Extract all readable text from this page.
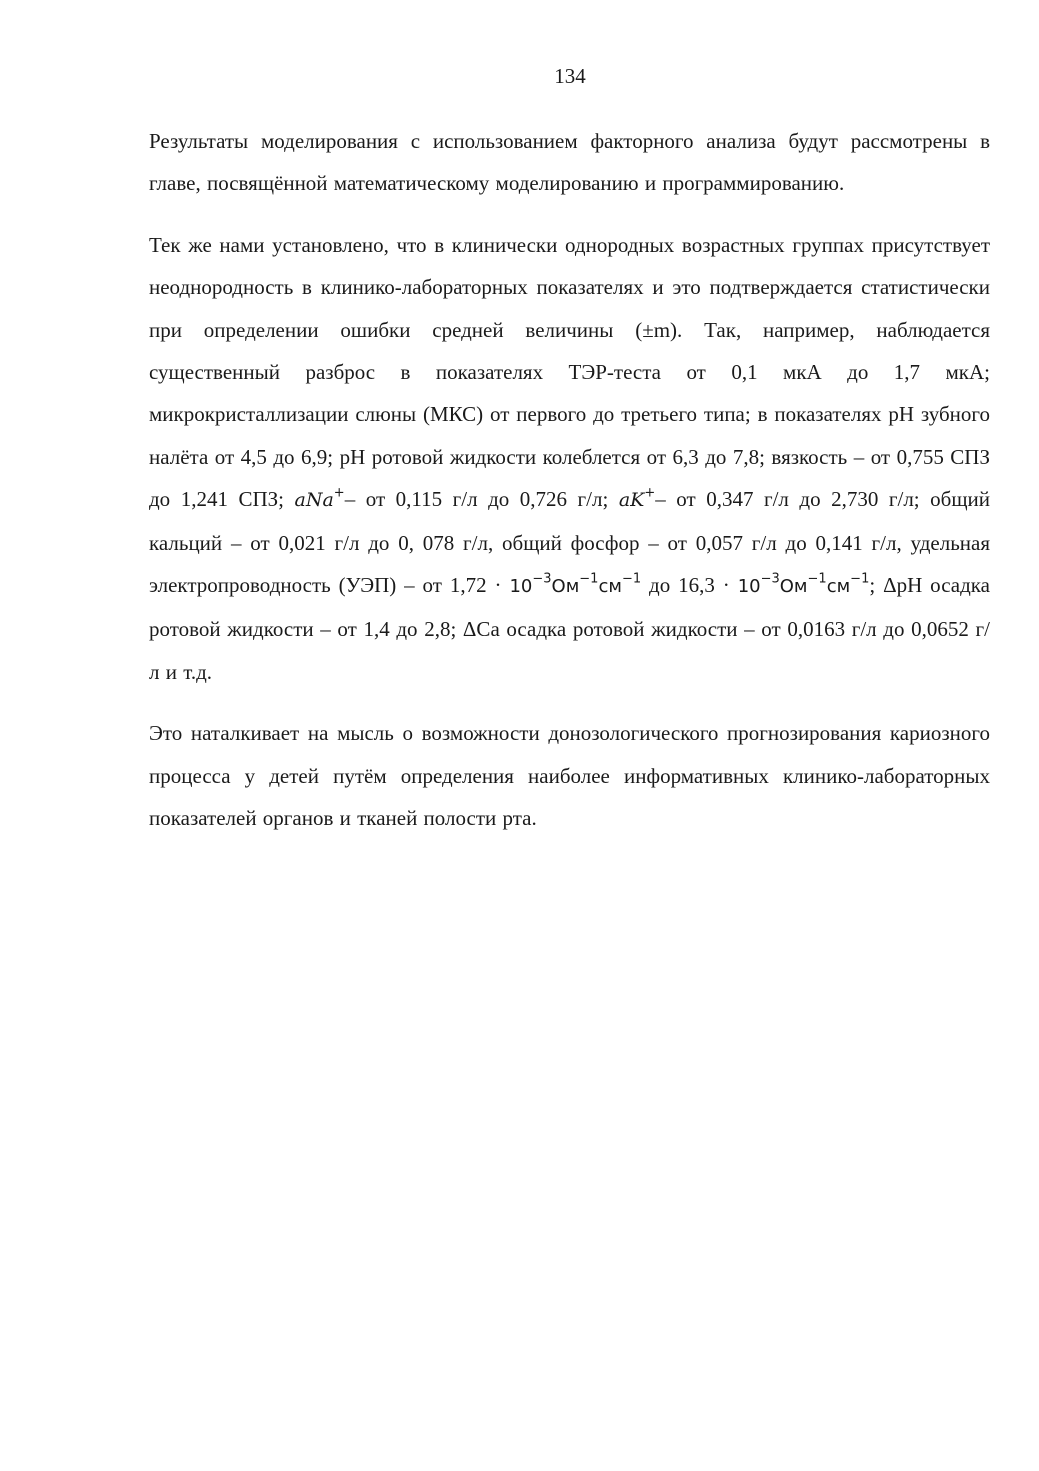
134

Результаты моделирования с использованием факторного анализа будут рассмотрены в главе, посвящённой математическому моделированию и программированию.

Тек же нами установлено, что в клинически однородных возрастных группах присутствует неоднородность в клинико-лабораторных показателях и это подтверждается статистически при определении ошибки средней величины (±m). Так, например, наблюдается существенный разброс в показателях ТЭР-теста от 0,1 мкА до 1,7 мкА; микрокристаллизации слюны (МКС) от первого до третьего типа; в показателях pH зубного налёта от 4,5 до 6,9; pH ротовой жидкости колеблется от 6,3 до 7,8; вязкость – от 0,755 СПЗ до 1,241 СПЗ; aNa+– от 0,115 г/л до 0,726 г/л; aK+– от 0,347 г/л до 2,730 г/л; общий кальций – от 0,021 г/л до 0, 078 г/л, общий фосфор – от 0,057 г/л до 0,141 г/л, удельная электропроводность (УЭП) – от $1,72 \cdot 10^{-3}Ом^{-1}см^{-1}$ до $16,3 \cdot 10^{-3}Ом^{-1}см^{-1}$; ΔpH осадка ротовой жидкости – от 1,4 до 2,8; ΔCa осадка ротовой жидкости – от 0,0163 г/л до 0,0652 г/л и т.д.

Это наталкивает на мысль о возможности донозологического прогнозирования кариозного процесса у детей путём определения наиболее информативных клинико-лабораторных показателей органов и тканей полости рта.
